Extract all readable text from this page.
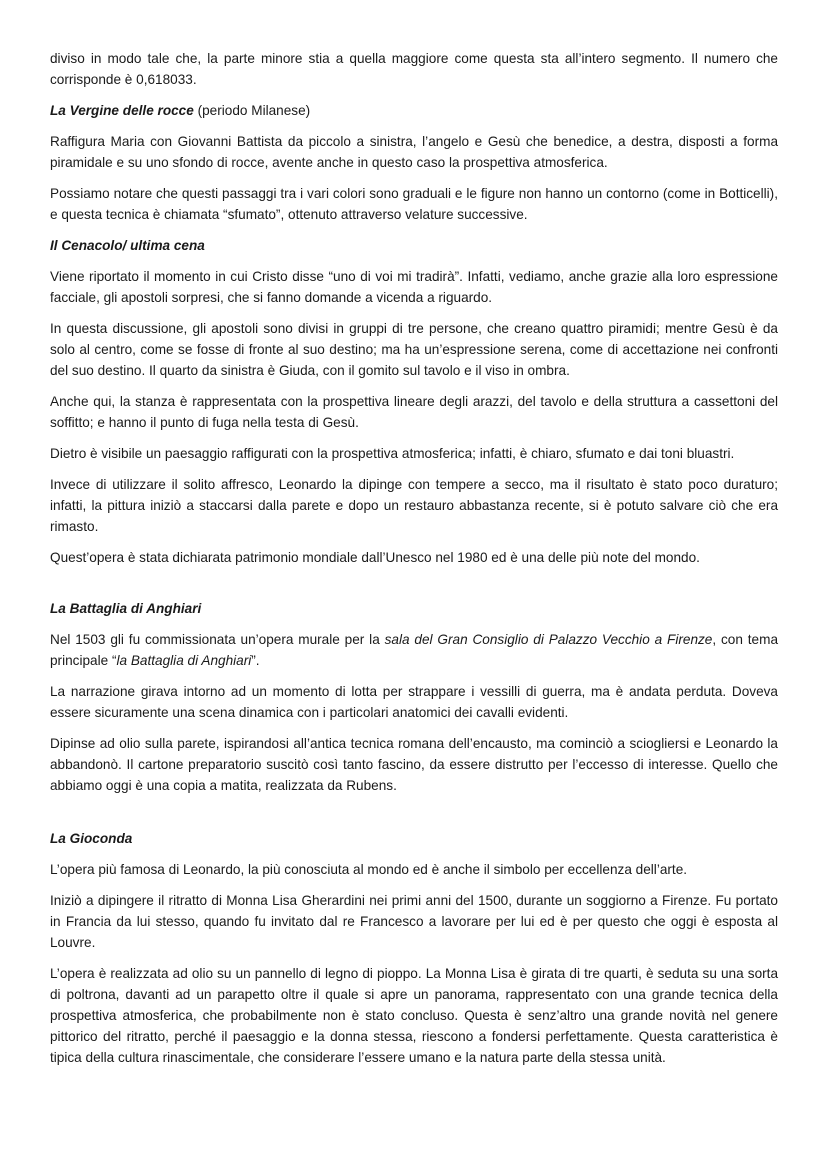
diviso in modo tale che, la parte minore stia a quella maggiore come questa sta all’intero segmento. Il numero che corrisponde è 0,618033.

La Vergine delle rocce (periodo Milanese)

Raffigura Maria con Giovanni Battista da piccolo a sinistra, l’angelo e Gesù che benedice, a destra, disposti a forma piramidale e su uno sfondo di rocce, avente anche in questo caso la prospettiva atmosferica.

Possiamo notare che questi passaggi tra i vari colori sono graduali e le figure non hanno un contorno (come in Botticelli), e questa tecnica è chiamata “sfumato”, ottenuto attraverso velature successive.

Il Cenacolo/ ultima cena

Viene riportato il momento in cui Cristo disse “uno di voi mi tradirà”. Infatti, vediamo, anche grazie alla loro espressione facciale, gli apostoli sorpresi, che si fanno domande a vicenda a riguardo.

In questa discussione, gli apostoli sono divisi in gruppi di tre persone, che creano quattro piramidi; mentre Gesù è da solo al centro, come se fosse di fronte al suo destino; ma ha un’espressione serena, come di accettazione nei confronti del suo destino. Il quarto da sinistra è Giuda, con il gomito sul tavolo e il viso in ombra.

Anche qui, la stanza è rappresentata con la prospettiva lineare degli arazzi, del tavolo e della struttura a cassettoni del soffitto; e hanno il punto di fuga nella testa di Gesù.

Dietro è visibile un paesaggio raffigurati con la prospettiva atmosferica; infatti, è chiaro, sfumato e dai toni bluastri.

Invece di utilizzare il solito affresco, Leonardo la dipinge con tempere a secco, ma il risultato è stato poco duraturo; infatti, la pittura iniziò a staccarsi dalla parete e dopo un restauro abbastanza recente, si è potuto salvare ciò che era rimasto.

Quest’opera è stata dichiarata patrimonio mondiale dall’Unesco nel 1980 ed è una delle più note del mondo.

La Battaglia di Anghiari

Nel 1503 gli fu commissionata un’opera murale per la sala del Gran Consiglio di Palazzo Vecchio a Firenze, con tema principale “la Battaglia di Anghiari”.

La narrazione girava intorno ad un momento di lotta per strappare i vessilli di guerra, ma è andata perduta. Doveva essere sicuramente una scena dinamica con i particolari anatomici dei cavalli evidenti.

Dipinse ad olio sulla parete, ispirandosi all’antica tecnica romana dell’encausto, ma cominciò a sciogliersi e Leonardo la abbandonò. Il cartone preparatorio suscitò così tanto fascino, da essere distrutto per l’eccesso di interesse. Quello che abbiamo oggi è una copia a matita, realizzata da Rubens.

La Gioconda

L’opera più famosa di Leonardo, la più conosciuta al mondo ed è anche il simbolo per eccellenza dell’arte.

Iniziò a dipingere il ritratto di Monna Lisa Gherardini nei primi anni del 1500, durante un soggiorno a Firenze. Fu portato in Francia da lui stesso, quando fu invitato dal re Francesco a lavorare per lui ed è per questo che oggi è esposta al Louvre.

L’opera è realizzata ad olio su un pannello di legno di pioppo. La Monna Lisa è girata di tre quarti, è seduta su una sorta di poltrona, davanti ad un parapetto oltre il quale si apre un panorama, rappresentato con una grande tecnica della prospettiva atmosferica, che probabilmente non è stato concluso. Questa è senz’altro una grande novità nel genere pittorico del ritratto, perché il paesaggio e la donna stessa, riescono a fondersi perfettamente. Questa caratteristica è tipica della cultura rinascimentale, che considerare l’essere umano e la natura parte della stessa unità.
